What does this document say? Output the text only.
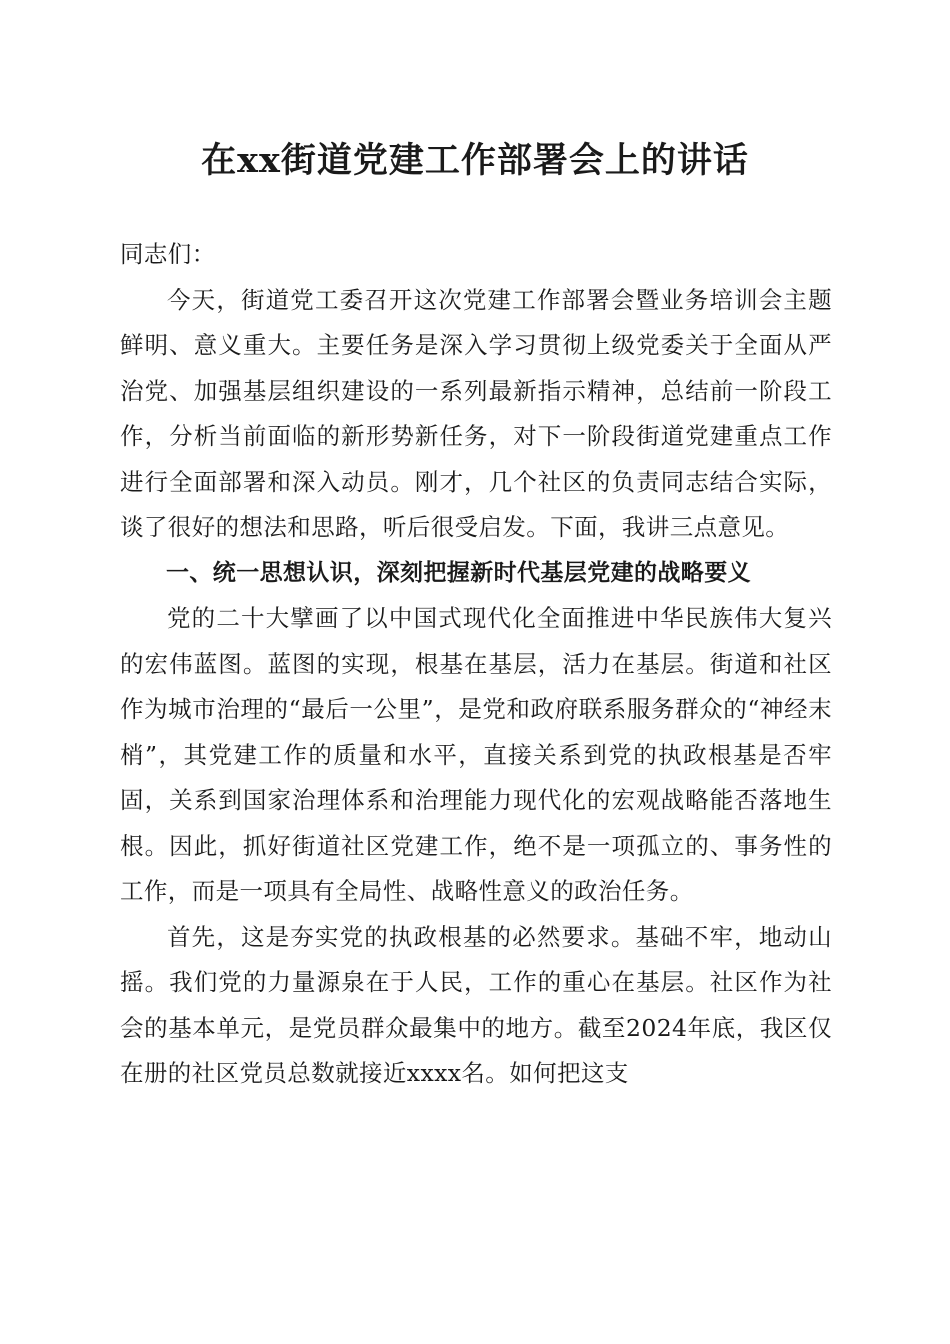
在xx街道党建工作部署会上的讲话

同志们：

今天，街道党工委召开这次党建工作部署会暨业务培训会主题鲜明、意义重大。主要任务是深入学习贯彻上级党委关于全面从严治党、加强基层组织建设的一系列最新指示精神，总结前一阶段工作，分析当前面临的新形势新任务，对下一阶段街道党建重点工作进行全面部署和深入动员。刚才，几个社区的负责同志结合实际，谈了很好的想法和思路，听后很受启发。下面，我讲三点意见。

一、统一思想认识，深刻把握新时代基层党建的战略要义

党的二十大擘画了以中国式现代化全面推进中华民族伟大复兴的宏伟蓝图。蓝图的实现，根基在基层，活力在基层。街道和社区作为城市治理的“最后一公里”，是党和政府联系服务群众的“神经末梢”，其党建工作的质量和水平，直接关系到党的执政根基是否牢固，关系到国家治理体系和治理能力现代化的宏观战略能否落地生根。因此，抓好街道社区党建工作，绝不是一项孤立的、事务性的工作，而是一项具有全局性、战略性意义的政治任务。

首先，这是夯实党的执政根基的必然要求。基础不牢，地动山摇。我们党的力量源泉在于人民，工作的重心在基层。社区作为社会的基本单元，是党员群众最集中的地方。截至2024年底，我区仅在册的社区党员总数就接近xxxx名。如何把这支
